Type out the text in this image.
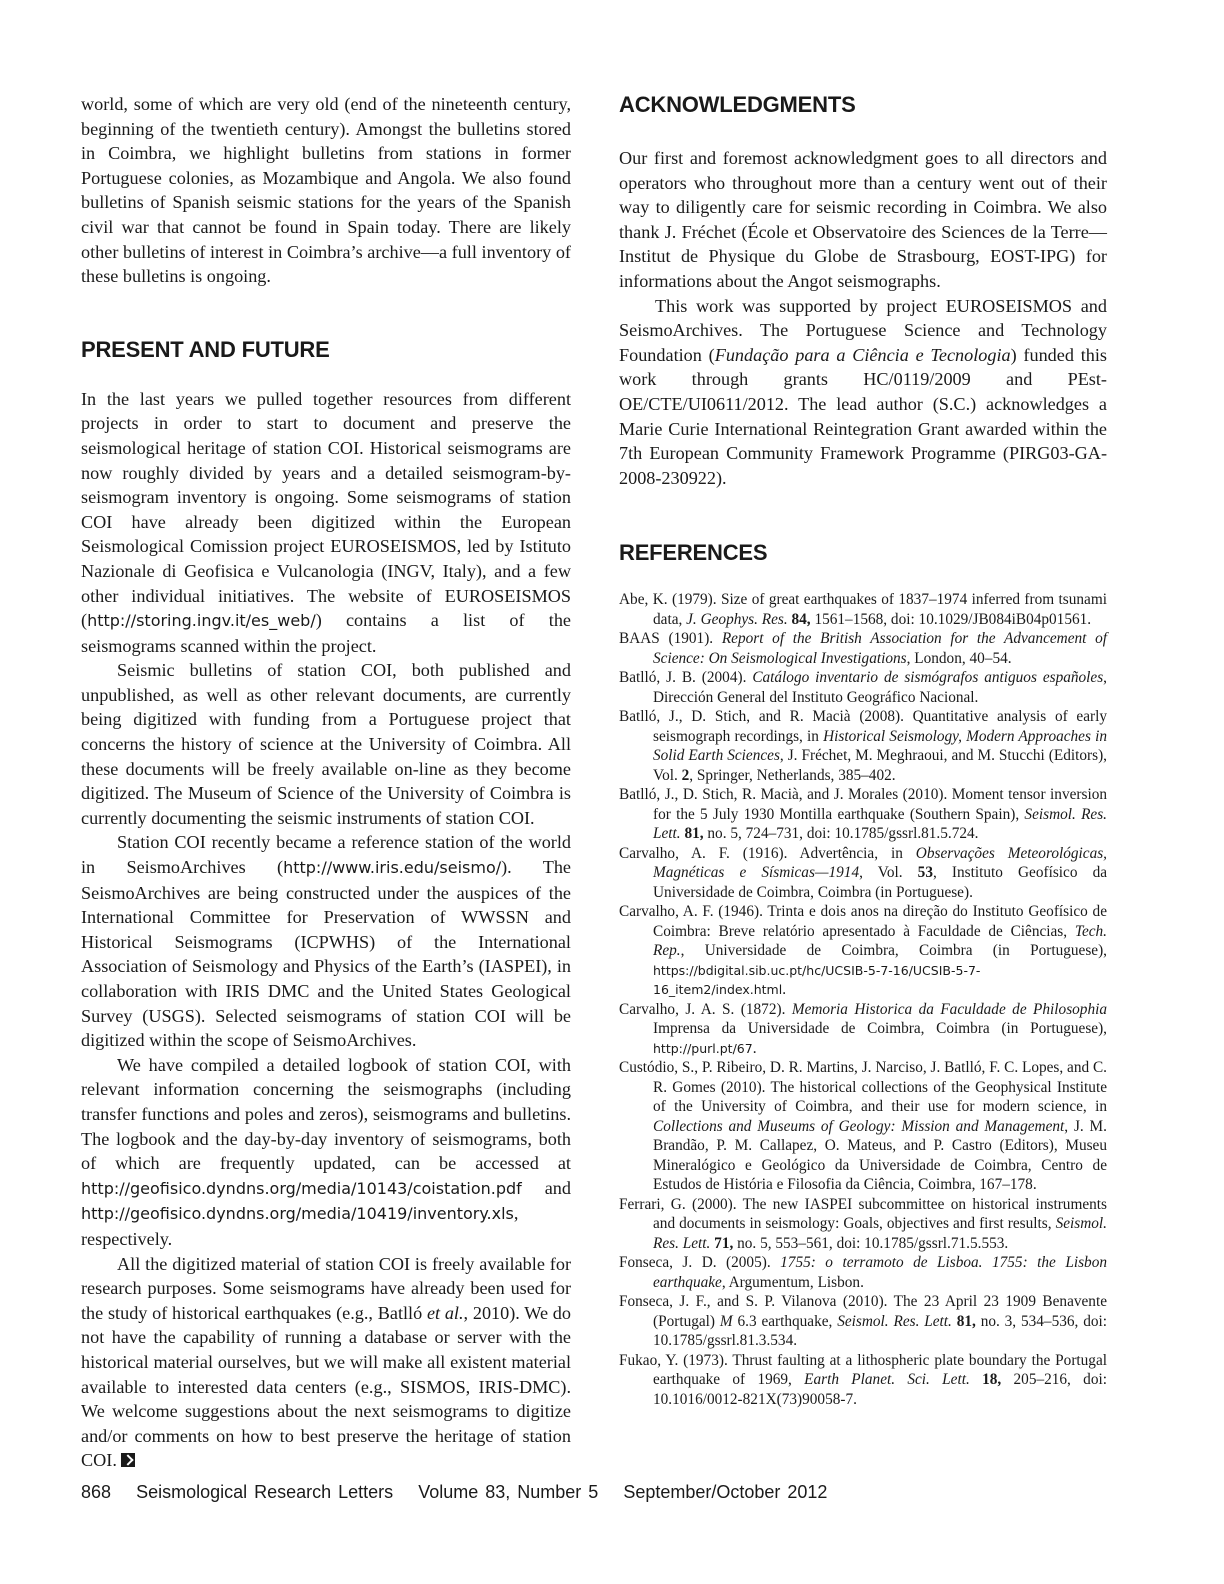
world, some of which are very old (end of the nineteenth century, beginning of the twentieth century). Amongst the bulletins stored in Coimbra, we highlight bulletins from stations in former Portuguese colonies, as Mozambique and Angola. We also found bulletins of Spanish seismic stations for the years of the Spanish civil war that cannot be found in Spain today. There are likely other bulletins of interest in Coimbra’s archive—a full inventory of these bulletins is ongoing.

PRESENT AND FUTURE

In the last years we pulled together resources from different projects in order to start to document and preserve the seismological heritage of station COI. Historical seismograms are now roughly divided by years and a detailed seismogram-by-seismogram inventory is ongoing. Some seismograms of station COI have already been digitized within the European Seismological Comission project EUROSEISMOS, led by Istituto Nazionale di Geofisica e Vulcanologia (INGV, Italy), and a few other individual initiatives. The website of EUROSEISMOS (http://storing.ingv.it/es_web/) contains a list of the seismograms scanned within the project.

Seismic bulletins of station COI, both published and unpublished, as well as other relevant documents, are currently being digitized with funding from a Portuguese project that concerns the history of science at the University of Coimbra. All these documents will be freely available on-line as they become digitized. The Museum of Science of the University of Coimbra is currently documenting the seismic instruments of station COI.

Station COI recently became a reference station of the world in SeismoArchives (http://www.iris.edu/seismo/). The SeismoArchives are being constructed under the auspices of the International Committee for Preservation of WWSSN and Historical Seismograms (ICPWHS) of the International Association of Seismology and Physics of the Earth’s (IASPEI), in collaboration with IRIS DMC and the United States Geological Survey (USGS). Selected seismograms of station COI will be digitized within the scope of SeismoArchives.

We have compiled a detailed logbook of station COI, with relevant information concerning the seismographs (including transfer functions and poles and zeros), seismograms and bulletins. The logbook and the day-by-day inventory of seismograms, both of which are frequently updated, can be accessed at http://geofisico.dyndns.org/media/10143/coistation.pdf and http://geofisico.dyndns.org/media/10419/inventory.xls, respectively.

All the digitized material of station COI is freely available for research purposes. Some seismograms have already been used for the study of historical earthquakes (e.g., Batlló et al., 2010). We do not have the capability of running a database or server with the historical material ourselves, but we will make all existent material available to interested data centers (e.g., SISMOS, IRIS-DMC). We welcome suggestions about the next seismograms to digitize and/or comments on how to best preserve the heritage of station COI.

ACKNOWLEDGMENTS

Our first and foremost acknowledgment goes to all directors and operators who throughout more than a century went out of their way to diligently care for seismic recording in Coimbra. We also thank J. Fréchet (École et Observatoire des Sciences de la Terre—Institut de Physique du Globe de Strasbourg, EOST-IPG) for informations about the Angot seismographs.

This work was supported by project EUROSEISMOS and SeismoArchives. The Portuguese Science and Technology Foundation (Fundação para a Ciência e Tecnologia) funded this work through grants HC/0119/2009 and PEst-OE/CTE/UI0611/2012. The lead author (S.C.) acknowledges a Marie Curie International Reintegration Grant awarded within the 7th European Community Framework Programme (PIRG03-GA-2008-230922).

REFERENCES

Abe, K. (1979). Size of great earthquakes of 1837–1974 inferred from tsunami data, J. Geophys. Res. 84, 1561–1568, doi: 10.1029/JB084iB04p01561.

BAAS (1901). Report of the British Association for the Advancement of Science: On Seismological Investigations, London, 40–54.

Batlló, J. B. (2004). Catálogo inventario de sismógrafos antiguos españoles, Dirección General del Instituto Geográfico Nacional.

Batlló, J., D. Stich, and R. Macià (2008). Quantitative analysis of early seismograph recordings, in Historical Seismology, Modern Approaches in Solid Earth Sciences, J. Fréchet, M. Meghraoui, and M. Stucchi (Editors), Vol. 2, Springer, Netherlands, 385–402.

Batlló, J., D. Stich, R. Macià, and J. Morales (2010). Moment tensor inversion for the 5 July 1930 Montilla earthquake (Southern Spain), Seismol. Res. Lett. 81, no. 5, 724–731, doi: 10.1785/gssrl.81.5.724.

Carvalho, A. F. (1916). Advertência, in Observações Meteorológicas, Magnéticas e Sísmicas—1914, Vol. 53, Instituto Geofísico da Universidade de Coimbra, Coimbra (in Portuguese).

Carvalho, A. F. (1946). Trinta e dois anos na direção do Instituto Geofísico de Coimbra: Breve relatório apresentado à Faculdade de Ciências, Tech. Rep., Universidade de Coimbra, Coimbra (in Portuguese), https://bdigital.sib.uc.pt/hc/UCSIB-5-7-16/UCSIB-5-7-16_item2/index.html.

Carvalho, J. A. S. (1872). Memoria Historica da Faculdade de Philosophia Imprensa da Universidade de Coimbra, Coimbra (in Portuguese), http://purl.pt/67.

Custódio, S., P. Ribeiro, D. R. Martins, J. Narciso, J. Batlló, F. C. Lopes, and C. R. Gomes (2010). The historical collections of the Geophysical Institute of the University of Coimbra, and their use for modern science, in Collections and Museums of Geology: Mission and Management, J. M. Brandão, P. M. Callapez, O. Mateus, and P. Castro (Editors), Museu Mineralógico e Geológico da Universidade de Coimbra, Centro de Estudos de História e Filosofia da Ciência, Coimbra, 167–178.

Ferrari, G. (2000). The new IASPEI subcommittee on historical instruments and documents in seismology: Goals, objectives and first results, Seismol. Res. Lett. 71, no. 5, 553–561, doi: 10.1785/gssrl.71.5.553.

Fonseca, J. D. (2005). 1755: o terramoto de Lisboa. 1755: the Lisbon earthquake, Argumentum, Lisbon.

Fonseca, J. F., and S. P. Vilanova (2010). The 23 April 23 1909 Benavente (Portugal) M 6.3 earthquake, Seismol. Res. Lett. 81, no. 3, 534–536, doi: 10.1785/gssrl.81.3.534.

Fukao, Y. (1973). Thrust faulting at a lithospheric plate boundary the Portugal earthquake of 1969, Earth Planet. Sci. Lett. 18, 205–216, doi: 10.1016/0012-821X(73)90058-7.

868 Seismological Research Letters Volume 83, Number 5 September/October 2012
